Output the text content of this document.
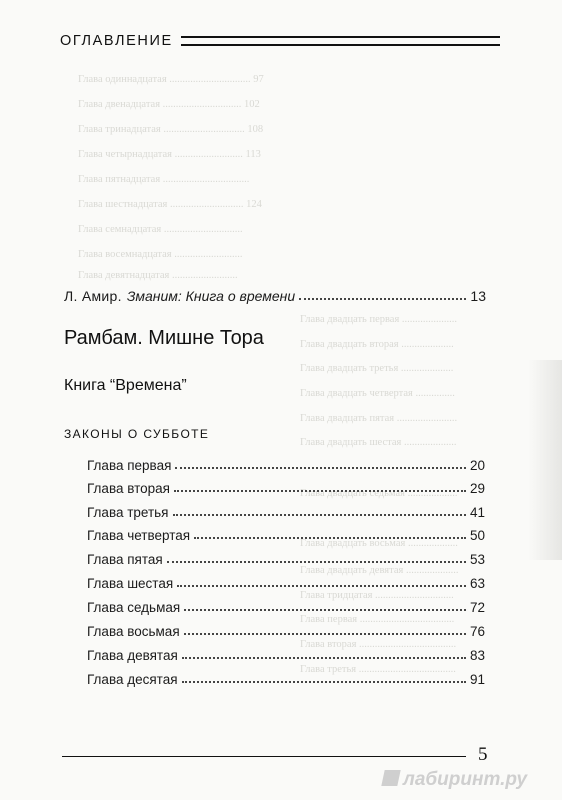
ОГЛАВЛЕНИЕ
Глава одиннадцатая ............................... 97
Глава двенадцатая .............................. 102
Глава тринадцатая ............................... 108
Глава четырнадцатая .......................... 113
Глава пятнадцатая .................................
Глава шестнадцатая ............................ 124
Глава семнадцатая ..............................
Глава восемнадцатая ..........................
Глава девятнадцатая .........................
Глава двадцать первая .....................
Глава двадцать вторая ....................
Глава двадцать третья ....................
Глава двадцать четвертая ...............
Глава двадцать пятая .......................
Глава двадцать шестая ....................
Глава двадцать седьмая ...................
Глава двадцать восьмая ...................
Глава двадцать девятая ....................
Глава тридцатая ..............................
Глава первая ....................................
Глава вторая .....................................
Глава третья .....................................
Л. Амир. Зманим: Книга о времени	13
Рамбам. Мишне Тора
Книга “Времена”
ЗАКОНЫ О СУББОТЕ
Глава первая	20
Глава вторая	29
Глава третья	41
Глава четвертая	50
Глава пятая	53
Глава шестая	63
Глава седьмая	72
Глава восьмая	76
Глава девятая	83
Глава десятая	91
5
лабиринт.ру
